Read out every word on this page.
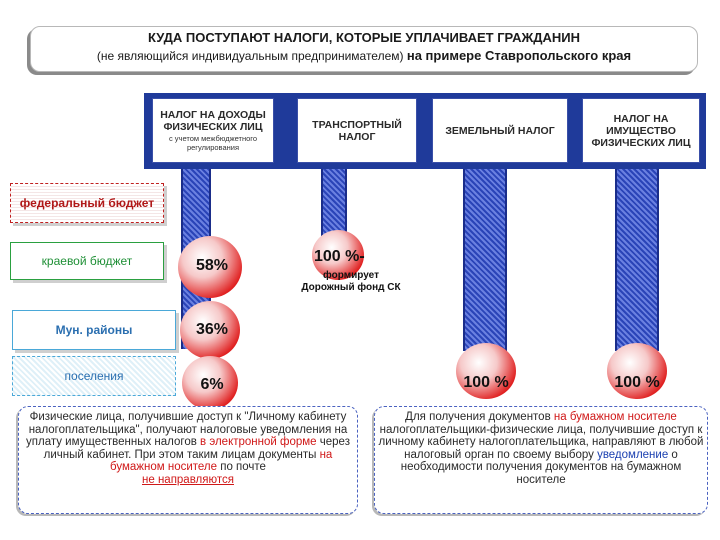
КУДА ПОСТУПАЮТ НАЛОГИ, КОТОРЫЕ УПЛАЧИВАЕТ ГРАЖДАНИН
(не являющийся индивидуальным предпринимателем) на примере Ставропольского края
НАЛОГ НА ДОХОДЫ ФИЗИЧЕСКИХ ЛИЦ
с учетом межбюджетного регулирования
ТРАНСПОРТНЫЙ НАЛОГ	ЗЕМЕЛЬНЫЙ НАЛОГ
НАЛОГ НА ИМУЩЕСТВО ФИЗИЧЕСКИХ ЛИЦ
58%
36%
6%
100 %-
формирует Дорожный фонд СК
100 %	100 %
федеральный бюджет
краевой бюджет
Мун. районы
поселения
Физические лица, получившие доступ к "Личному кабинету налогоплательщика", получают налоговые уведомления на уплату имущественных налогов в электронной форме через личный кабинет. При этом таким лицам документы на бумажном носителе по почте
не направляются
Для получения документов на бумажном носителе налогоплательщики-физические лица, получившие доступ к личному кабинету налогоплательщика, направляют в любой налоговый орган по своему выбору уведомление о необходимости получения документов на бумажном носителе
